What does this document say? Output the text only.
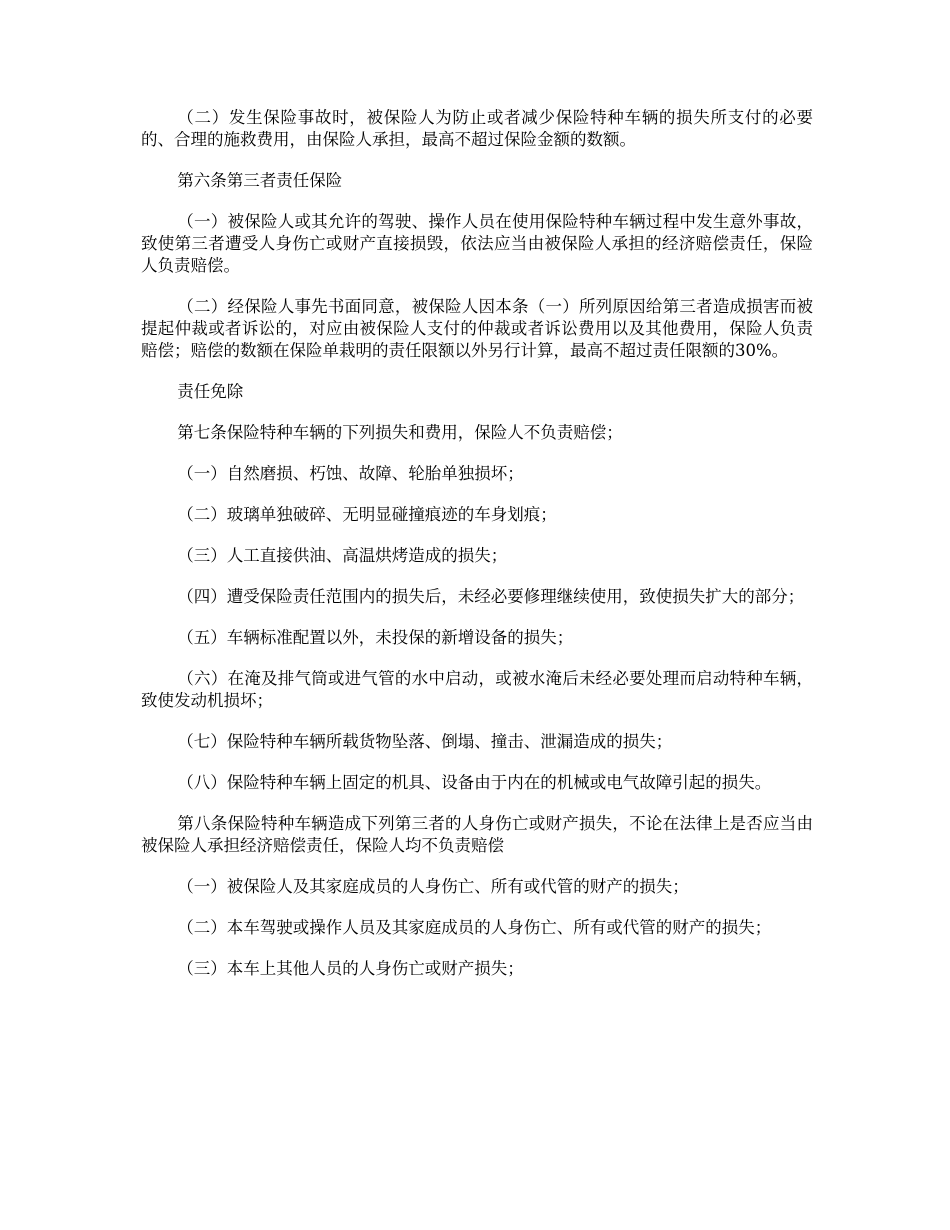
（二）发生保险事故时，被保险人为防止或者减少保险特种车辆的损失所支付的必要的、合理的施救费用，由保险人承担，最高不超过保险金额的数额。

第六条第三者责任保险

（一）被保险人或其允许的驾驶、操作人员在使用保险特种车辆过程中发生意外事故，致使第三者遭受人身伤亡或财产直接损毁，依法应当由被保险人承担的经济赔偿责任，保险人负责赔偿。

（二）经保险人事先书面同意，被保险人因本条（一）所列原因给第三者造成损害而被提起仲裁或者诉讼的，对应由被保险人支付的仲裁或者诉讼费用以及其他费用，保险人负责赔偿；赔偿的数额在保险单栽明的责任限额以外另行计算，最高不超过责任限额的30%。

责任免除

第七条保险特种车辆的下列损失和费用，保险人不负责赔偿；

（一）自然磨损、朽蚀、故障、轮胎单独损坏；

（二）玻璃单独破碎、无明显碰撞痕迹的车身划痕；

（三）人工直接供油、高温烘烤造成的损失；

（四）遭受保险责任范围内的损失后，未经必要修理继续使用，致使损失扩大的部分；

（五）车辆标准配置以外，未投保的新增设备的损失；

（六）在淹及排气筒或进气管的水中启动，或被水淹后未经必要处理而启动特种车辆，致使发动机损坏；

（七）保险特种车辆所载货物坠落、倒塌、撞击、泄漏造成的损失；

（八）保险特种车辆上固定的机具、设备由于内在的机械或电气故障引起的损失。

第八条保险特种车辆造成下列第三者的人身伤亡或财产损失，不论在法律上是否应当由被保险人承担经济赔偿责任，保险人均不负责赔偿

（一）被保险人及其家庭成员的人身伤亡、所有或代管的财产的损失；

（二）本车驾驶或操作人员及其家庭成员的人身伤亡、所有或代管的财产的损失；

（三）本车上其他人员的人身伤亡或财产损失；
